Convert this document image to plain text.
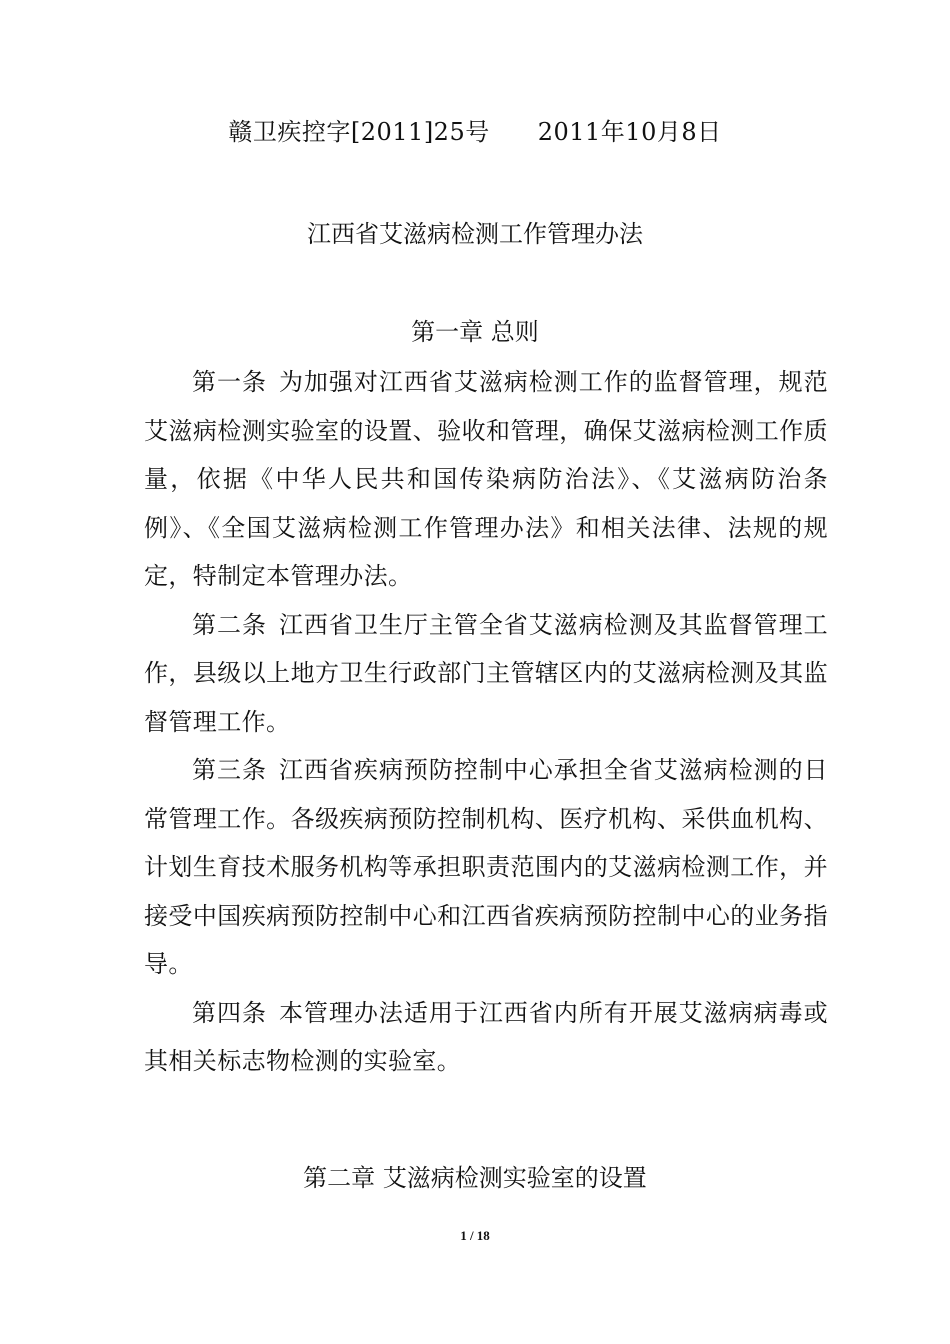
赣卫疾控字[2011]25号 2011年10月8日
江西省艾滋病检测工作管理办法
第一章 总则

第一条 为加强对江西省艾滋病检测工作的监督管理，规范艾滋病检测实验室的设置、验收和管理，确保艾滋病检测工作质量，依据《中华人民共和国传染病防治法》、《艾滋病防治条例》、《全国艾滋病检测工作管理办法》和相关法律、法规的规定，特制定本管理办法。

第二条 江西省卫生厅主管全省艾滋病检测及其监督管理工作，县级以上地方卫生行政部门主管辖区内的艾滋病检测及其监督管理工作。

第三条 江西省疾病预防控制中心承担全省艾滋病检测的日常管理工作。各级疾病预防控制机构、医疗机构、采供血机构、计划生育技术服务机构等承担职责范围内的艾滋病检测工作，并接受中国疾病预防控制中心和江西省疾病预防控制中心的业务指导。

第四条 本管理办法适用于江西省内所有开展艾滋病病毒或其相关标志物检测的实验室。

第二章 艾滋病检测实验室的设置
1 / 18
